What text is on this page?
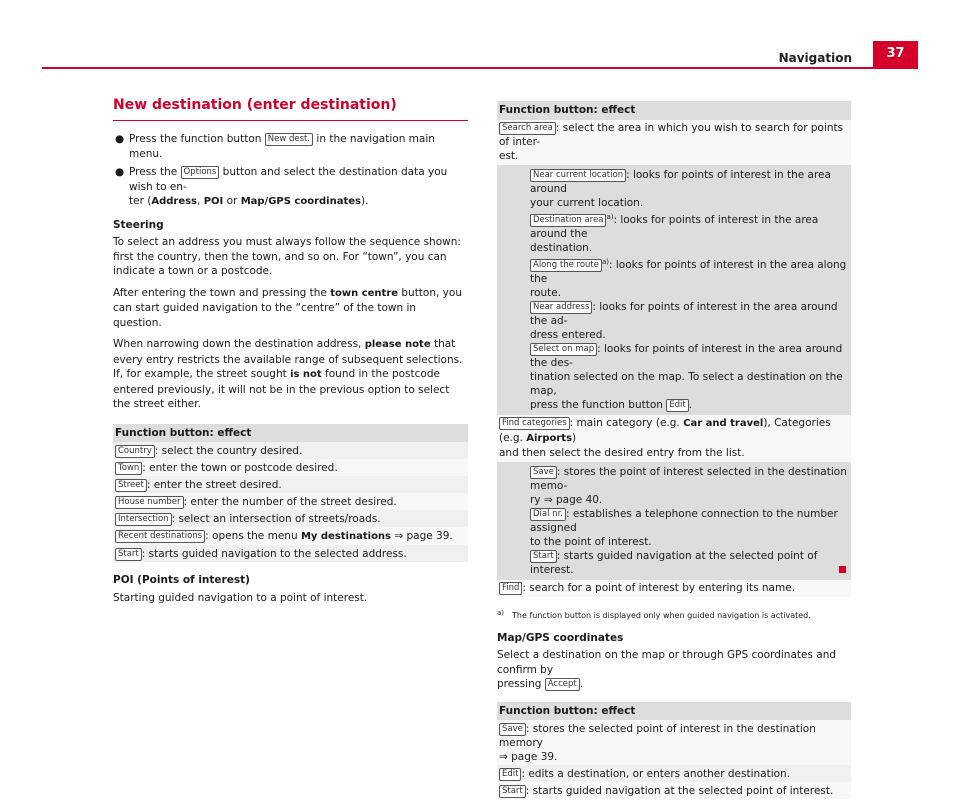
Navigation	37
New destination (enter destination)
● Press the function button New dest. in the navigation main menu.
● Press the Options button and select the destination data you wish to en-
ter (Address, POI or Map/GPS coordinates).
Steering

To select an address you must always follow the sequence shown: first the country, then the town, and so on. For “town”, you can indicate a town or a postcode.

After entering the town and pressing the town centre button, you can start guided navigation to the “centre” of the town in question.

When narrowing down the destination address, please note that every entry restricts the available range of subsequent selections. If, for example, the street sought is not found in the postcode entered previously, it will not be in the previous option to select the street either.

Function button: effect
Country : select the country desired.
Town : enter the town or postcode desired.
Street : enter the street desired.
House number : enter the number of the street desired.
Intersection : select an intersection of streets/roads.
Recent destinations : opens the menu My destinations ⇒ page 39.
Start : starts guided navigation to the selected address.
POI (Points of interest)

Starting guided navigation to a point of interest.

Function button: effect
Search area : select the area in which you wish to search for points of inter-
est.

Near current location : looks for points of interest in the area around
your current location.
Destination area $^{a)}$: looks for points of interest in the area around the
destination.
Along the route $^{a)}$: looks for points of interest in the area along the
route.
Near address : looks for points of interest in the area around the ad-
dress entered.
Select on map : looks for points of interest in the area around the des-
tination selected on the map. To select a destination on the map,
press the function button Edit .

Find categories : main category (e.g. Car and travel), Categories (e.g. Airports)
and then select the desired entry from the list.

Save : stores the point of interest selected in the destination memo-
ry ⇒ page 40.
Dial nr. : establishes a telephone connection to the number assigned
to the point of interest.
Start : starts guided navigation at the selected point of interest.

Find : search for a point of interest by entering its name.
$^{a)}$ The function button is displayed only when guided navigation is activated.
Map/GPS coordinates

Select a destination on the map or through GPS coordinates and confirm by
pressing Accept .

Function button: effect
Save : stores the selected point of interest in the destination memory
⇒ page 39.

Edit : edits a destination, or enters another destination.
Start : starts guided navigation at the selected point of interest.
